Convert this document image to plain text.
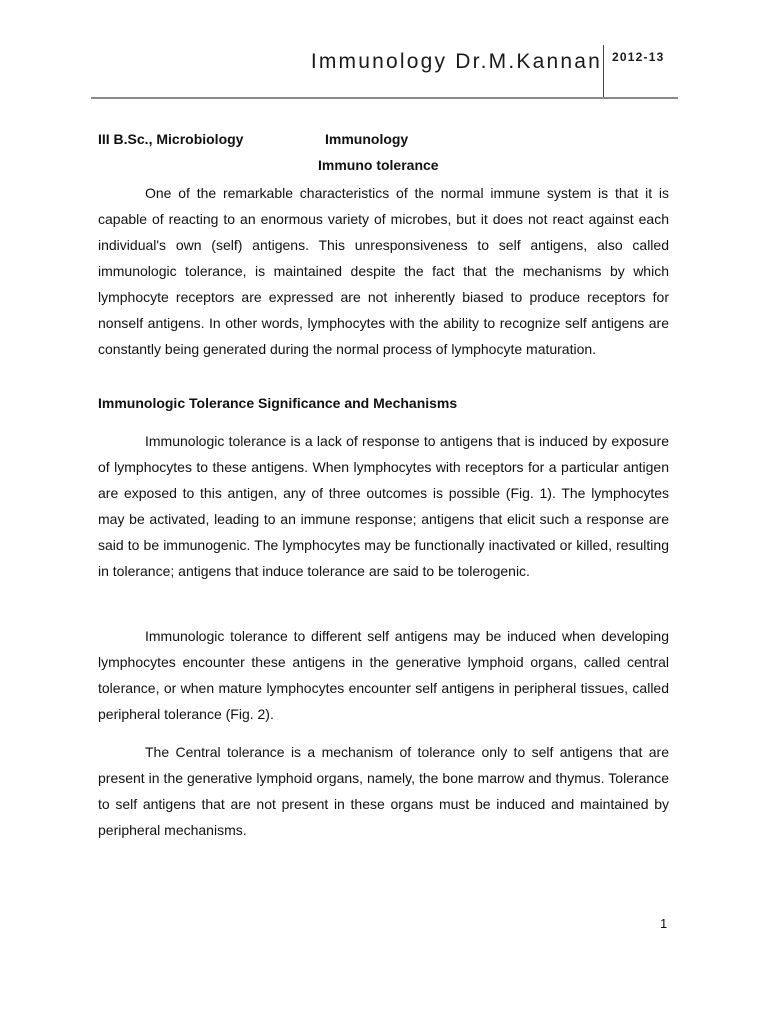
Immunology Dr.M.Kannan 2012-13
III B.Sc., Microbiology	Immunology
Immuno tolerance

One of the remarkable characteristics of the normal immune system is that it is capable of reacting to an enormous variety of microbes, but it does not react against each individual's own (self) antigens. This unresponsiveness to self antigens, also called immunologic tolerance, is maintained despite the fact that the mechanisms by which lymphocyte receptors are expressed are not inherently biased to produce receptors for nonself antigens. In other words, lymphocytes with the ability to recognize self antigens are constantly being generated during the normal process of lymphocyte maturation.

Immunologic Tolerance Significance and Mechanisms

Immunologic tolerance is a lack of response to antigens that is induced by exposure of lymphocytes to these antigens. When lymphocytes with receptors for a particular antigen are exposed to this antigen, any of three outcomes is possible (Fig. 1). The lymphocytes may be activated, leading to an immune response; antigens that elicit such a response are said to be immunogenic. The lymphocytes may be functionally inactivated or killed, resulting in tolerance; antigens that induce tolerance are said to be tolerogenic.

Immunologic tolerance to different self antigens may be induced when developing lymphocytes encounter these antigens in the generative lymphoid organs, called central tolerance, or when mature lymphocytes encounter self antigens in peripheral tissues, called peripheral tolerance (Fig. 2).

The Central tolerance is a mechanism of tolerance only to self antigens that are present in the generative lymphoid organs, namely, the bone marrow and thymus. Tolerance to self antigens that are not present in these organs must be induced and maintained by peripheral mechanisms.

1
